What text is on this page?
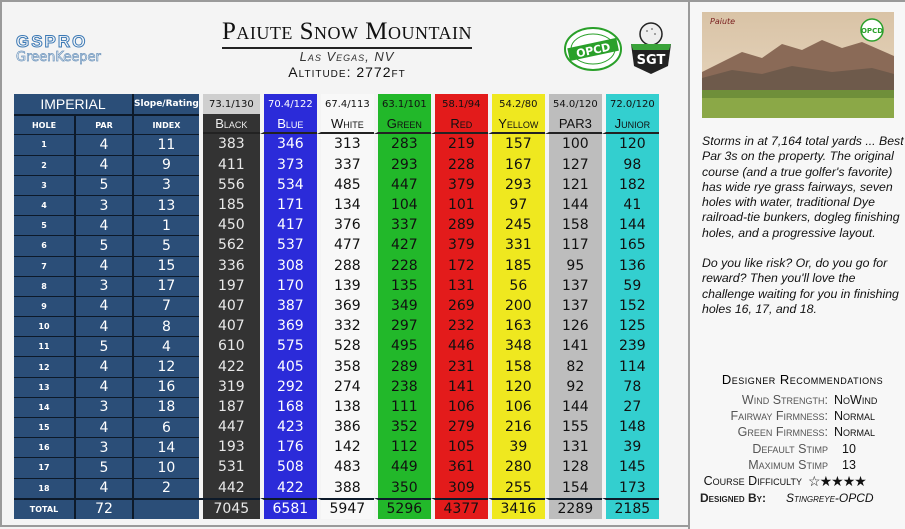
GSPRO
GreenKeeper
Paiute Snow Mountain
Las Vegas, NV
Altitude: 2772ft
OPCD
SGT
IMPERIAL		Slope/Rating		73.1/130	70.4/122	67.4/113	63.1/101	58.1/94	54.2/80	54.0/120	72.0/120
HOLE	PAR	INDEX		Black	Blue	White	Green	Red	Yellow	PAR3	Junior
1	4	11		383	346	313	283	219	157	100	120
2	4	9		411	373	337	293	228	167	127	98
3	5	3		556	534	485	447	379	293	121	182
4	3	13		185	171	134	104	101	97	144	41
5	4	1		450	417	376	337	289	245	158	144
6	5	5		562	537	477	427	379	331	117	165
7	4	15		336	308	288	228	172	185	95	136
8	3	17		197	170	139	135	131	56	137	59
9	4	7		407	387	369	349	269	200	137	152
10	4	8		407	369	332	297	232	163	126	125
11	5	4		610	575	528	495	446	348	141	239
12	4	12		422	405	358	289	231	158	82	114
13	4	16		319	292	274	238	141	120	92	78
14	3	18		187	168	138	111	106	106	144	27
15	4	6		447	423	386	352	279	216	155	148
16	3	14		193	176	142	112	105	39	131	39
17	5	10		531	508	483	449	361	280	128	145
18	4	2		442	422	388	350	309	255	154	173
TOTAL	72			7045	6581	5947	5296	4377	3416	2289	2185
OPCD
Paiute

Storms in at 7,164 total yards ... Best Par 3s on the property. The original course (and a true golfer's favorite) has wide rye grass fairways, seven holes with water, traditional Dye railroad-tie bunkers, dogleg finishing holes, and a progressive layout.

Do you like risk? Or, do you go for reward? Then you'll love the challenge waiting for you in finishing holes 16, 17, and 18.

Designer Recommendations
Wind Strength: NoWind
Fairway Firmness: Normal
Green Firmness: Normal
Default Stimp	10
Maximum Stimp	13
Course Difficulty ☆★★★★
Designed By: Stingreye-OPCD
